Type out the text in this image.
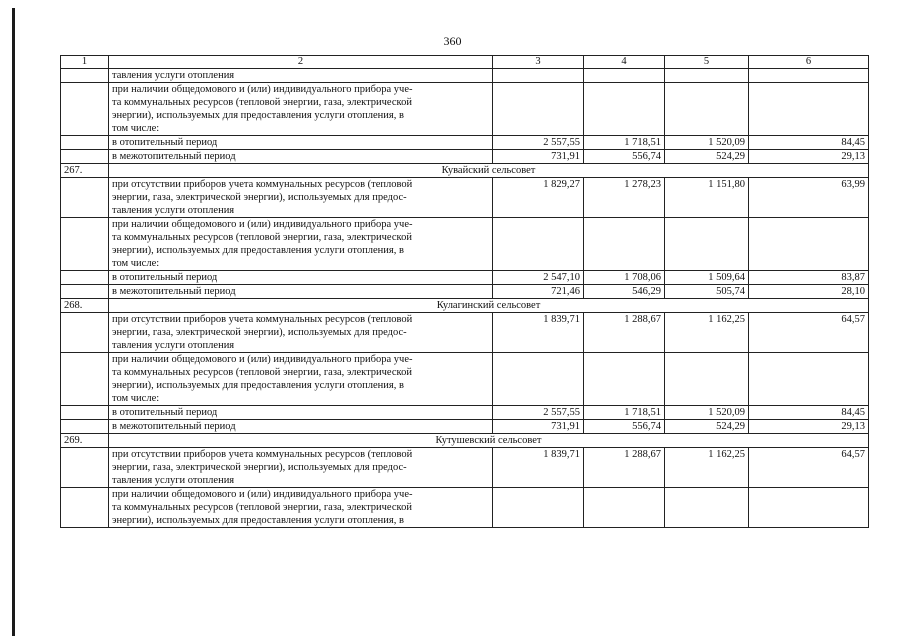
360
1	2	3	4	5	6

	тавления услуги отопления				

	при наличии общедомового и (или) индивидуального прибора уче-
та коммунальных ресурсов (тепловой энергии, газа, электрической
энергии), используемых для предоставления услуги отопления, в
том числе:				

	в отопительный период	2 557,55	1 718,51	1 520,09	84,45

	в межотопительный период	731,91	556,74	524,29	29,13
267.	Кувайский сельсовет				

	при отсутствии приборов учета коммунальных ресурсов (тепловой
энергии, газа, электрической энергии), используемых для предос-
тавления услуги отопления	1 829,27	1 278,23	1 151,80	63,99

	при наличии общедомового и (или) индивидуального прибора уче-
та коммунальных ресурсов (тепловой энергии, газа, электрической
энергии), используемых для предоставления услуги отопления, в
том числе:				

	в отопительный период	2 547,10	1 708,06	1 509,64	83,87

	в межотопительный период	721,46	546,29	505,74	28,10
268.	Кулагинский сельсовет				

	при отсутствии приборов учета коммунальных ресурсов (тепловой
энергии, газа, электрической энергии), используемых для предос-
тавления услуги отопления	1 839,71	1 288,67	1 162,25	64,57

	при наличии общедомового и (или) индивидуального прибора уче-
та коммунальных ресурсов (тепловой энергии, газа, электрической
энергии), используемых для предоставления услуги отопления, в
том числе:				

	в отопительный период	2 557,55	1 718,51	1 520,09	84,45

	в межотопительный период	731,91	556,74	524,29	29,13
269.	Кутушевский сельсовет				

	при отсутствии приборов учета коммунальных ресурсов (тепловой
энергии, газа, электрической энергии), используемых для предос-
тавления услуги отопления	1 839,71	1 288,67	1 162,25	64,57

	при наличии общедомового и (или) индивидуального прибора уче-
та коммунальных ресурсов (тепловой энергии, газа, электрической
энергии), используемых для предоставления услуги отопления, в				
